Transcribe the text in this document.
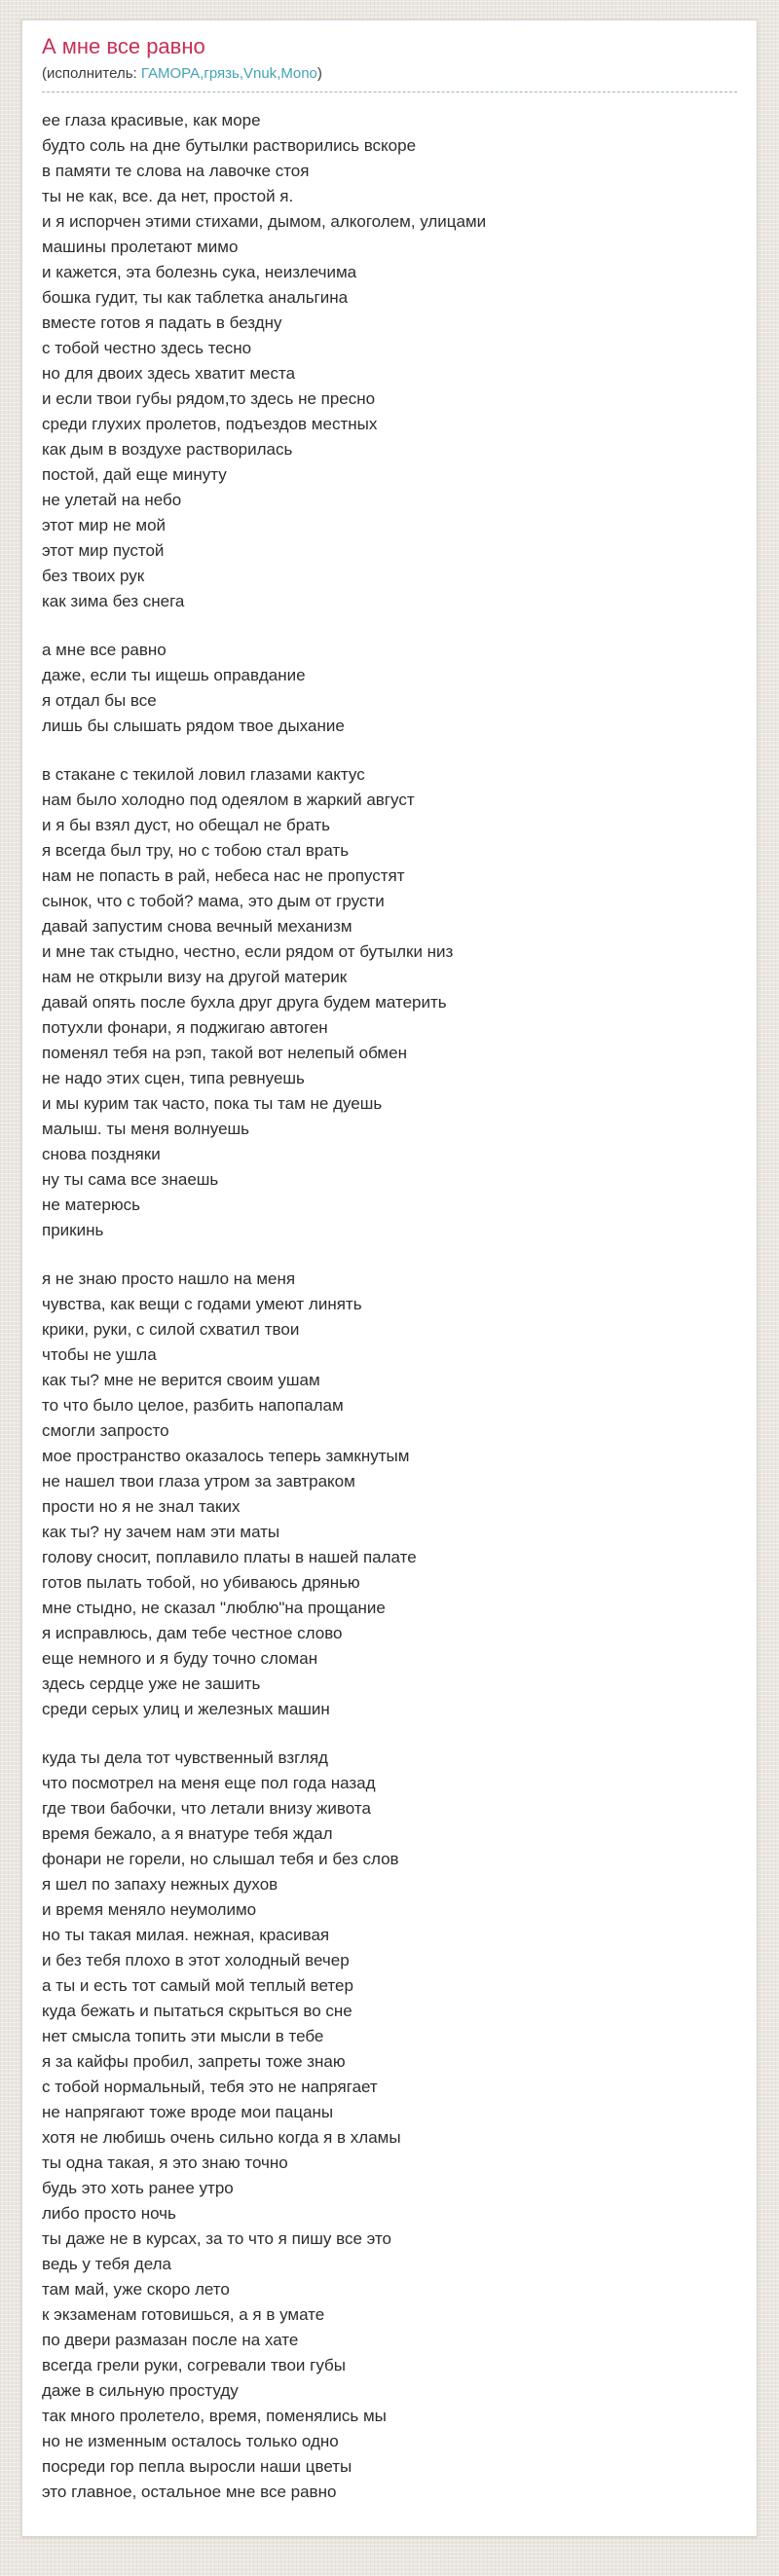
А мне все равно
(исполнитель: ГАМОРА,грязь,Vnuk,Mono)

ее глаза красивые, как море
будто соль на дне бутылки растворились вскоре
в памяти те слова на лавочке стоя
ты не как, все. да нет, простой я.
и я испорчен этими стихами, дымом, алкоголем, улицами
машины пролетают мимо
и кажется, эта болезнь сука, неизлечима
бошка гудит, ты как таблетка анальгина
вместе готов я падать в бездну
с тобой честно здесь тесно
но для двоих здесь хватит места
и если твои губы рядом,то здесь не пресно
среди глухих пролетов, подъездов местных
как дым в воздухе растворилась
постой, дай еще минуту
не улетай на небо
этот мир не мой
этот мир пустой
без твоих рук
как зима без снега

а мне все равно
даже, если ты ищешь оправдание
я отдал бы все
лишь бы слышать рядом твое дыхание

в стакане с текилой ловил глазами кактус
нам было холодно под одеялом в жаркий август
и я бы взял дуст, но обещал не брать
я всегда был тру, но с тобою стал врать
нам не попасть в рай, небеса нас не пропустят
сынок, что с тобой? мама, это дым от грусти
давай запустим снова вечный механизм
и мне так стыдно, честно, если рядом от бутылки низ
нам не открыли визу на другой материк
давай опять после бухла друг друга будем материть
потухли фонари, я поджигаю автоген
поменял тебя на рэп, такой вот нелепый обмен
не надо этих сцен, типа ревнуешь
и мы курим так часто, пока ты там не дуешь
малыш. ты меня волнуешь
снова поздняки
ну ты сама все знаешь
не матерюсь
прикинь

я не знаю просто нашло на меня
чувства, как вещи с годами умеют линять
крики, руки, с силой схватил твои
чтобы не ушла
как ты? мне не верится своим ушам
то что было целое, разбить напопалам
смогли запросто
мое пространство оказалось теперь замкнутым
не нашел твои глаза утром за завтраком
прости но я не знал таких
как ты? ну зачем нам эти маты
голову сносит, поплавило платы в нашей палате
готов пылать тобой, но убиваюсь дрянью
мне стыдно, не сказал "люблю"на прощание
я исправлюсь, дам тебе честное слово
еще немного и я буду точно сломан
здесь сердце уже не зашить
среди серых улиц и железных машин

куда ты дела тот чувственный взгляд
что посмотрел на меня еще пол года назад
где твои бабочки, что летали внизу живота
время бежало, а я внатуре тебя ждал
фонари не горели, но слышал тебя и без слов
я шел по запаху нежных духов
и время меняло неумолимо
но ты такая милая. нежная, красивая
и без тебя плохо в этот холодный вечер
а ты и есть тот самый мой теплый ветер
куда бежать и пытаться скрыться во сне
нет смысла топить эти мысли в тебе
я за кайфы пробил, запреты тоже знаю
с тобой нормальный, тебя это не напрягает
не напрягают тоже вроде мои пацаны
хотя не любишь очень сильно когда я в хламы
ты одна такая, я это знаю точно
будь это хоть ранее утро
либо просто ночь
ты даже не в курсах, за то что я пишу все это
ведь у тебя дела
там май, уже скоро лето
к экзаменам готовишься, а я в умате
по двери размазан после на хате
всегда грели руки, согревали твои губы
даже в сильную простуду
так много пролетело, время, поменялись мы
но не изменным осталось только одно
посреди гор пепла выросли наши цветы
это главное, остальное мне все равно
